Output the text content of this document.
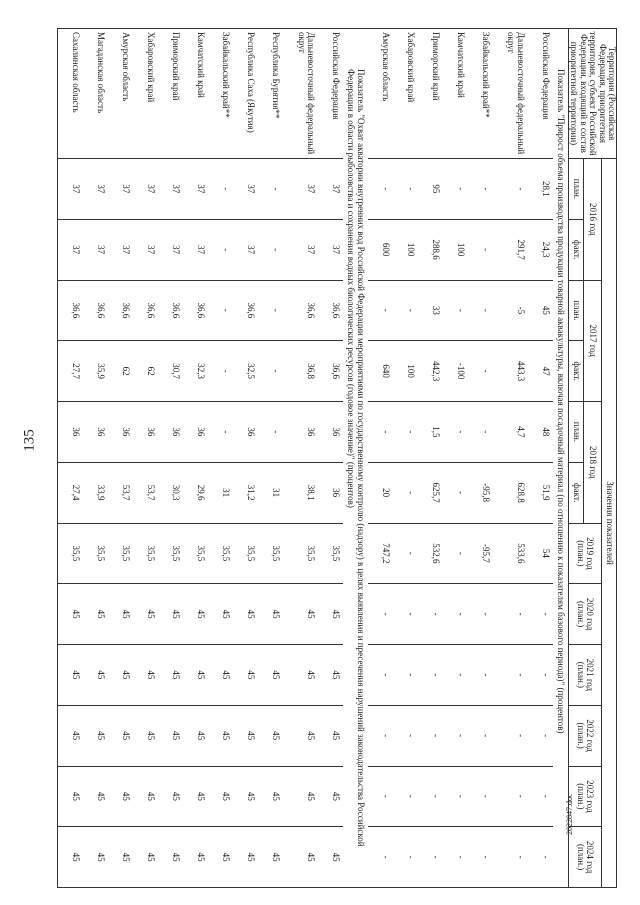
135
2022847.doc
Территория (Российская Федерация, приоритетная территория, субъект Российской Федерации, входящий в состав приоритетной территории)	Значения показателей											
	2016 год		2017 год		2018 год		2019 год (план.)	2020 год (план.)	2021 год (план.)	2022 год (план.)	2023 год (план.)	2024 год (план.)
	план.	факт.	план.	факт.	план.	факт.						
Показатель "Прирост объема производства продукции товарной аквакультуры, включая посадочный материал (по отношению к показателям базового периода)" (процентов)												
Российская Федерация	28,1	24,3	45	47	48	51,9	54	-	-	-	-	-
Дальневосточный федеральный округ	-	291,7	-5	443,3	4,7	628,8	533,6	-	-	-	-	-
Забайкальский край**	-	-	-	-	-	-95,8	-95,7	-	-	-	-	-
Камчатский край	-	100	-	-100	-	-	-	-	-	-	-	-
Приморский край	95	288,6	33	442,3	1,5	625,7	532,6	-	-	-	-	-
Хабаровский край	-	100	-	100	-	-	-	-	-	-	-	-
Амурская область	-	600	-	640	-	20	747,2	-	-	-	-	-
Показатель "Охват акватории внутренних вод Российской Федерации мероприятиями по государственному контролю (надзору) в целях выявления и пресечения нарушений законодательства Российской Федерации в области рыболовства и сохранения водных биологических ресурсов (годовое значение)" (процентов)												
Российская Федерация	37	37	36,6	36,6	36	36	35,5	45	45	45	45	45
Дальневосточный федеральный округ	37	37	36,6	36,8	36	38,1	35,5	45	45	45	45	45
Республика Бурятия**	-	-	-	-	-	31	35,5	45	45	45	45	45
Республика Саха (Якутия)	37	37	36,6	32,5	36	31,2	35,5	45	45	45	45	45
Забайкальский край**	-	-	-	-	-	31	35,5	45	45	45	45	45
Камчатский край	37	37	36,6	32,3	36	29,6	35,5	45	45	45	45	45
Приморский край	37	37	36,6	30,7	36	30,3	35,5	45	45	45	45	45
Хабаровский край	37	37	36,6	62	36	53,7	35,5	45	45	45	45	45
Амурская область	37	37	36,6	62	36	53,7	35,5	45	45	45	45	45
Магаданская область	37	37	36,6	35,9	36	33,9	35,5	45	45	45	45	45
Сахалинская область	37	37	36,6	27,7	36	27,4	35,5	45	45	45	45	45
